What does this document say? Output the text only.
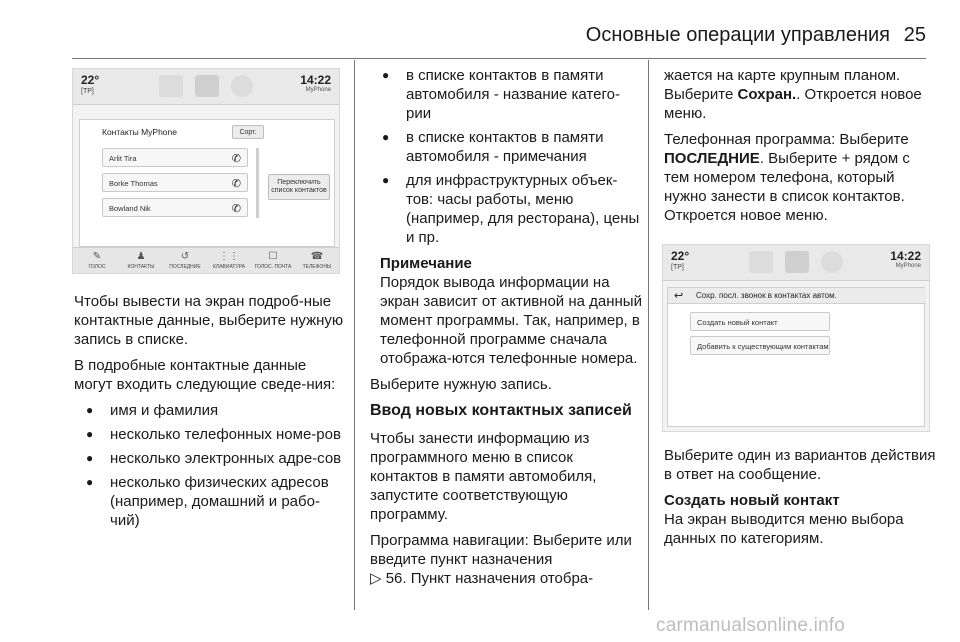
Основные операции управления 25
22°
[TP]
14:22
MyPhone
Контакты MyPhone	Сорт.
Arlit Tira	✆
Borke Thomas	✆
Bowland Nik	✆
Переключить список контактов
✎
ГОЛОС
♟
КОНТАКТЫ
↺
ПОСЛЕДНИЕ
⋮⋮
КЛАВИАТУРА
☐
ГОЛОС. ПОЧТА
☎
ТЕЛЕФОНЫ

Чтобы вывести на экран подроб-ные контактные данные, выберите нужную запись в списке.

В подробные контактные данные могут входить следующие сведе-ния:

● имя и фамилия
● несколько телефонных номе-ров
● несколько электронных адре-сов
● несколько физических адресов (например, домашний и рабо-чий)
● в списке контактов в памяти автомобиля - название катего-рии
● в списке контактов в памяти автомобиля - примечания
● для инфраструктурных объек-тов: часы работы, меню (например, для ресторана), цены и пр.
Примечание
Порядок вывода информации на экран зависит от активной на данный момент программы. Так, например, в телефонной программе сначала отобража-ются телефонные номера.

Выберите нужную запись.

Ввод новых контактных записей

Чтобы занести информацию из программного меню в список контактов в памяти автомобиля, запустите соответствующую программу.

Программа навигации: Выберите или введите пункт назначения
▷ 56. Пункт назначения отобра-

жается на карте крупным планом. Выберите Сохран.. Откроется новое меню.

Телефонная программа: Выберите ПОСЛЕДНИЕ. Выберите + рядом с тем номером телефона, который нужно занести в список контактов. Откроется новое меню.

22°
[TP]
14:22
MyPhone
↩ Сохр. посл. звонок в контактах автом.
Создать новый контакт
Добавить к существующим контактам

Выберите один из вариантов действия в ответ на сообщение.

Создать новый контакт

На экран выводится меню выбора данных по категориям.

carmanualsonline.info
